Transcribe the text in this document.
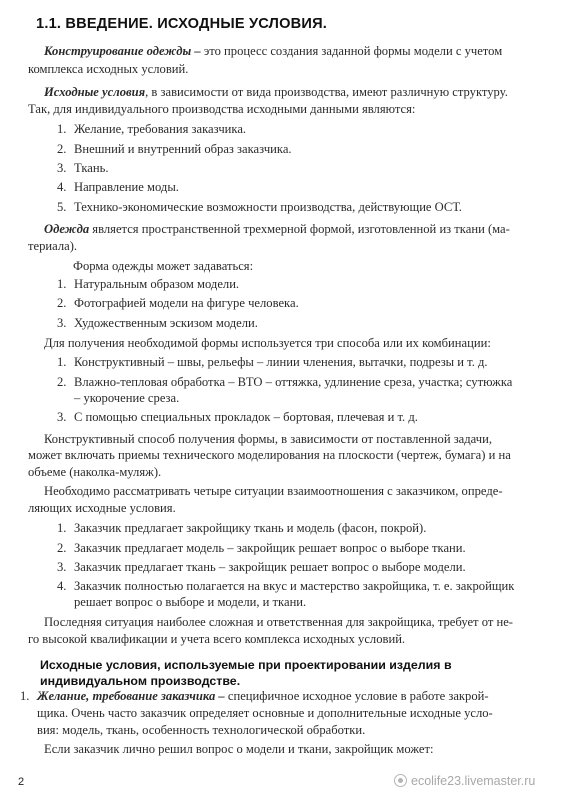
1.1. ВВЕДЕНИЕ. ИСХОДНЫЕ УСЛОВИЯ.
Конструирование одежды – это процесс создания заданной формы модели с учетом
комплекса исходных условий.
Исходные условия, в зависимости от вида производства, имеют различную структуру.
Так, для индивидуального производства исходными данными являются:
1. Желание, требования заказчика.
2. Внешний и внутренний образ заказчика.
3. Ткань.
4. Направление моды.
5. Технико-экономические возможности производства, действующие ОСТ.
Одежда является пространственной трехмерной формой, изготовленной из ткани (ма-
териала).
Форма одежды может задаваться:
1. Натуральным образом модели.
2. Фотографией модели на фигуре человека.
3. Художественным эскизом модели.
Для получения необходимой формы используется три способа или их комбинации:
1. Конструктивный – швы, рельефы – линии членения, вытачки, подрезы и т. д.
2. Влажно-тепловая обработка – ВТО – оттяжка, удлинение среза, участка; сутюжка
– укорочение среза.
3. С помощью специальных прокладок – бортовая, плечевая и т. д.
Конструктивный способ получения формы, в зависимости от поставленной задачи,
может включать приемы технического моделирования на плоскости (чертеж, бумага) и на
объеме (наколка-муляж).
Необходимо рассматривать четыре ситуации взаимоотношения с заказчиком, опреде-
ляющих исходные условия.
1. Заказчик предлагает закройщику ткань и модель (фасон, покрой).
2. Заказчик предлагает модель – закройщик решает вопрос о выборе ткани.
3. Заказчик предлагает ткань – закройщик решает вопрос о выборе модели.
4. Заказчик полностью полагается на вкус и мастерство закройщика, т. е. закройщик
решает вопрос о выборе и модели, и ткани.
Последняя ситуация наиболее сложная и ответственная для закройщика, требует от не-
го высокой квалификации и учета всего комплекса исходных условий.
Исходные условия, используемые при проектировании изделия в
индивидуальном производстве.
1. Желание, требование заказчика – специфичное исходное условие в работе закрой-
щика. Очень часто заказчик определяет основные и дополнительные исходные усло-
вия: модель, ткань, особенность технологической обработки.
Если заказчик лично решил вопрос о модели и ткани, закройщик может:
2	ecolife23.livemaster.ru
